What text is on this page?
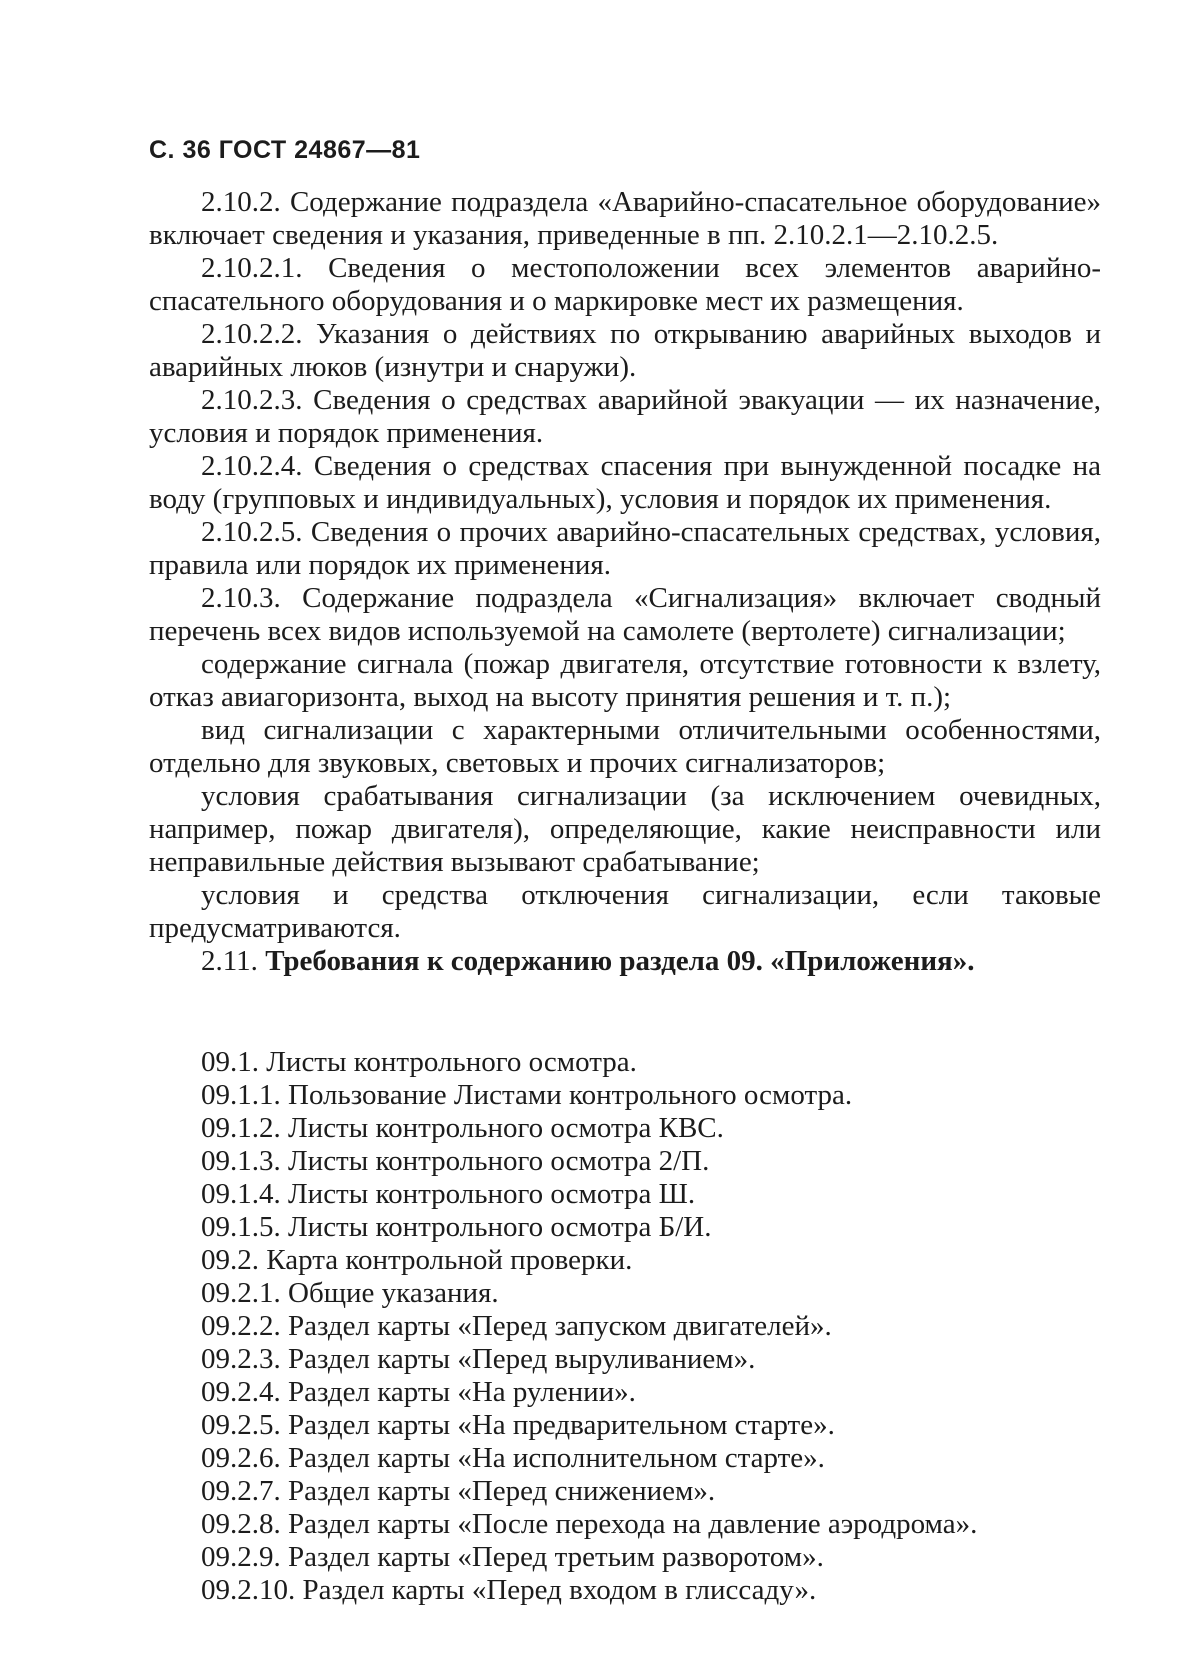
С. 36 ГОСТ 24867—81

2.10.2. Содержание подраздела «Аварийно-спасательное оборудование» включает сведения и указания, приведенные в пп. 2.10.2.1—2.10.2.5.

2.10.2.1. Сведения о местоположении всех элементов аварийно-спасательного оборудования и о маркировке мест их размещения.

2.10.2.2. Указания о действиях по открыванию аварийных выходов и аварийных люков (изнутри и снаружи).

2.10.2.3. Сведения о средствах аварийной эвакуации — их назначение, условия и порядок применения.

2.10.2.4. Сведения о средствах спасения при вынужденной посадке на воду (групповых и индивидуальных), условия и порядок их применения.

2.10.2.5. Сведения о прочих аварийно-спасательных средствах, условия, правила или порядок их применения.

2.10.3. Содержание подраздела «Сигнализация» включает сводный перечень всех видов используемой на самолете (вертолете) сигнализации;

содержание сигнала (пожар двигателя, отсутствие готовности к взлету, отказ авиагоризонта, выход на высоту принятия решения и т. п.);

вид сигнализации с характерными отличительными особенностями, отдельно для звуковых, световых и прочих сигнализаторов;

условия срабатывания сигнализации (за исключением очевидных, например, пожар двигателя), определяющие, какие неисправности или неправильные действия вызывают срабатывание;

условия и средства отключения сигнализации, если таковые предусматриваются.

2.11. Требования к содержанию раздела 09. «Приложения».

09.1. Листы контрольного осмотра.

09.1.1. Пользование Листами контрольного осмотра.

09.1.2. Листы контрольного осмотра КВС.

09.1.3. Листы контрольного осмотра 2/П.

09.1.4. Листы контрольного осмотра Ш.

09.1.5. Листы контрольного осмотра Б/И.

09.2. Карта контрольной проверки.

09.2.1. Общие указания.

09.2.2. Раздел карты «Перед запуском двигателей».

09.2.3. Раздел карты «Перед выруливанием».

09.2.4. Раздел карты «На рулении».

09.2.5. Раздел карты «На предварительном старте».

09.2.6. Раздел карты «На исполнительном старте».

09.2.7. Раздел карты «Перед снижением».

09.2.8. Раздел карты «После перехода на давление аэродрома».

09.2.9. Раздел карты «Перед третьим разворотом».

09.2.10. Раздел карты «Перед входом в глиссаду».
